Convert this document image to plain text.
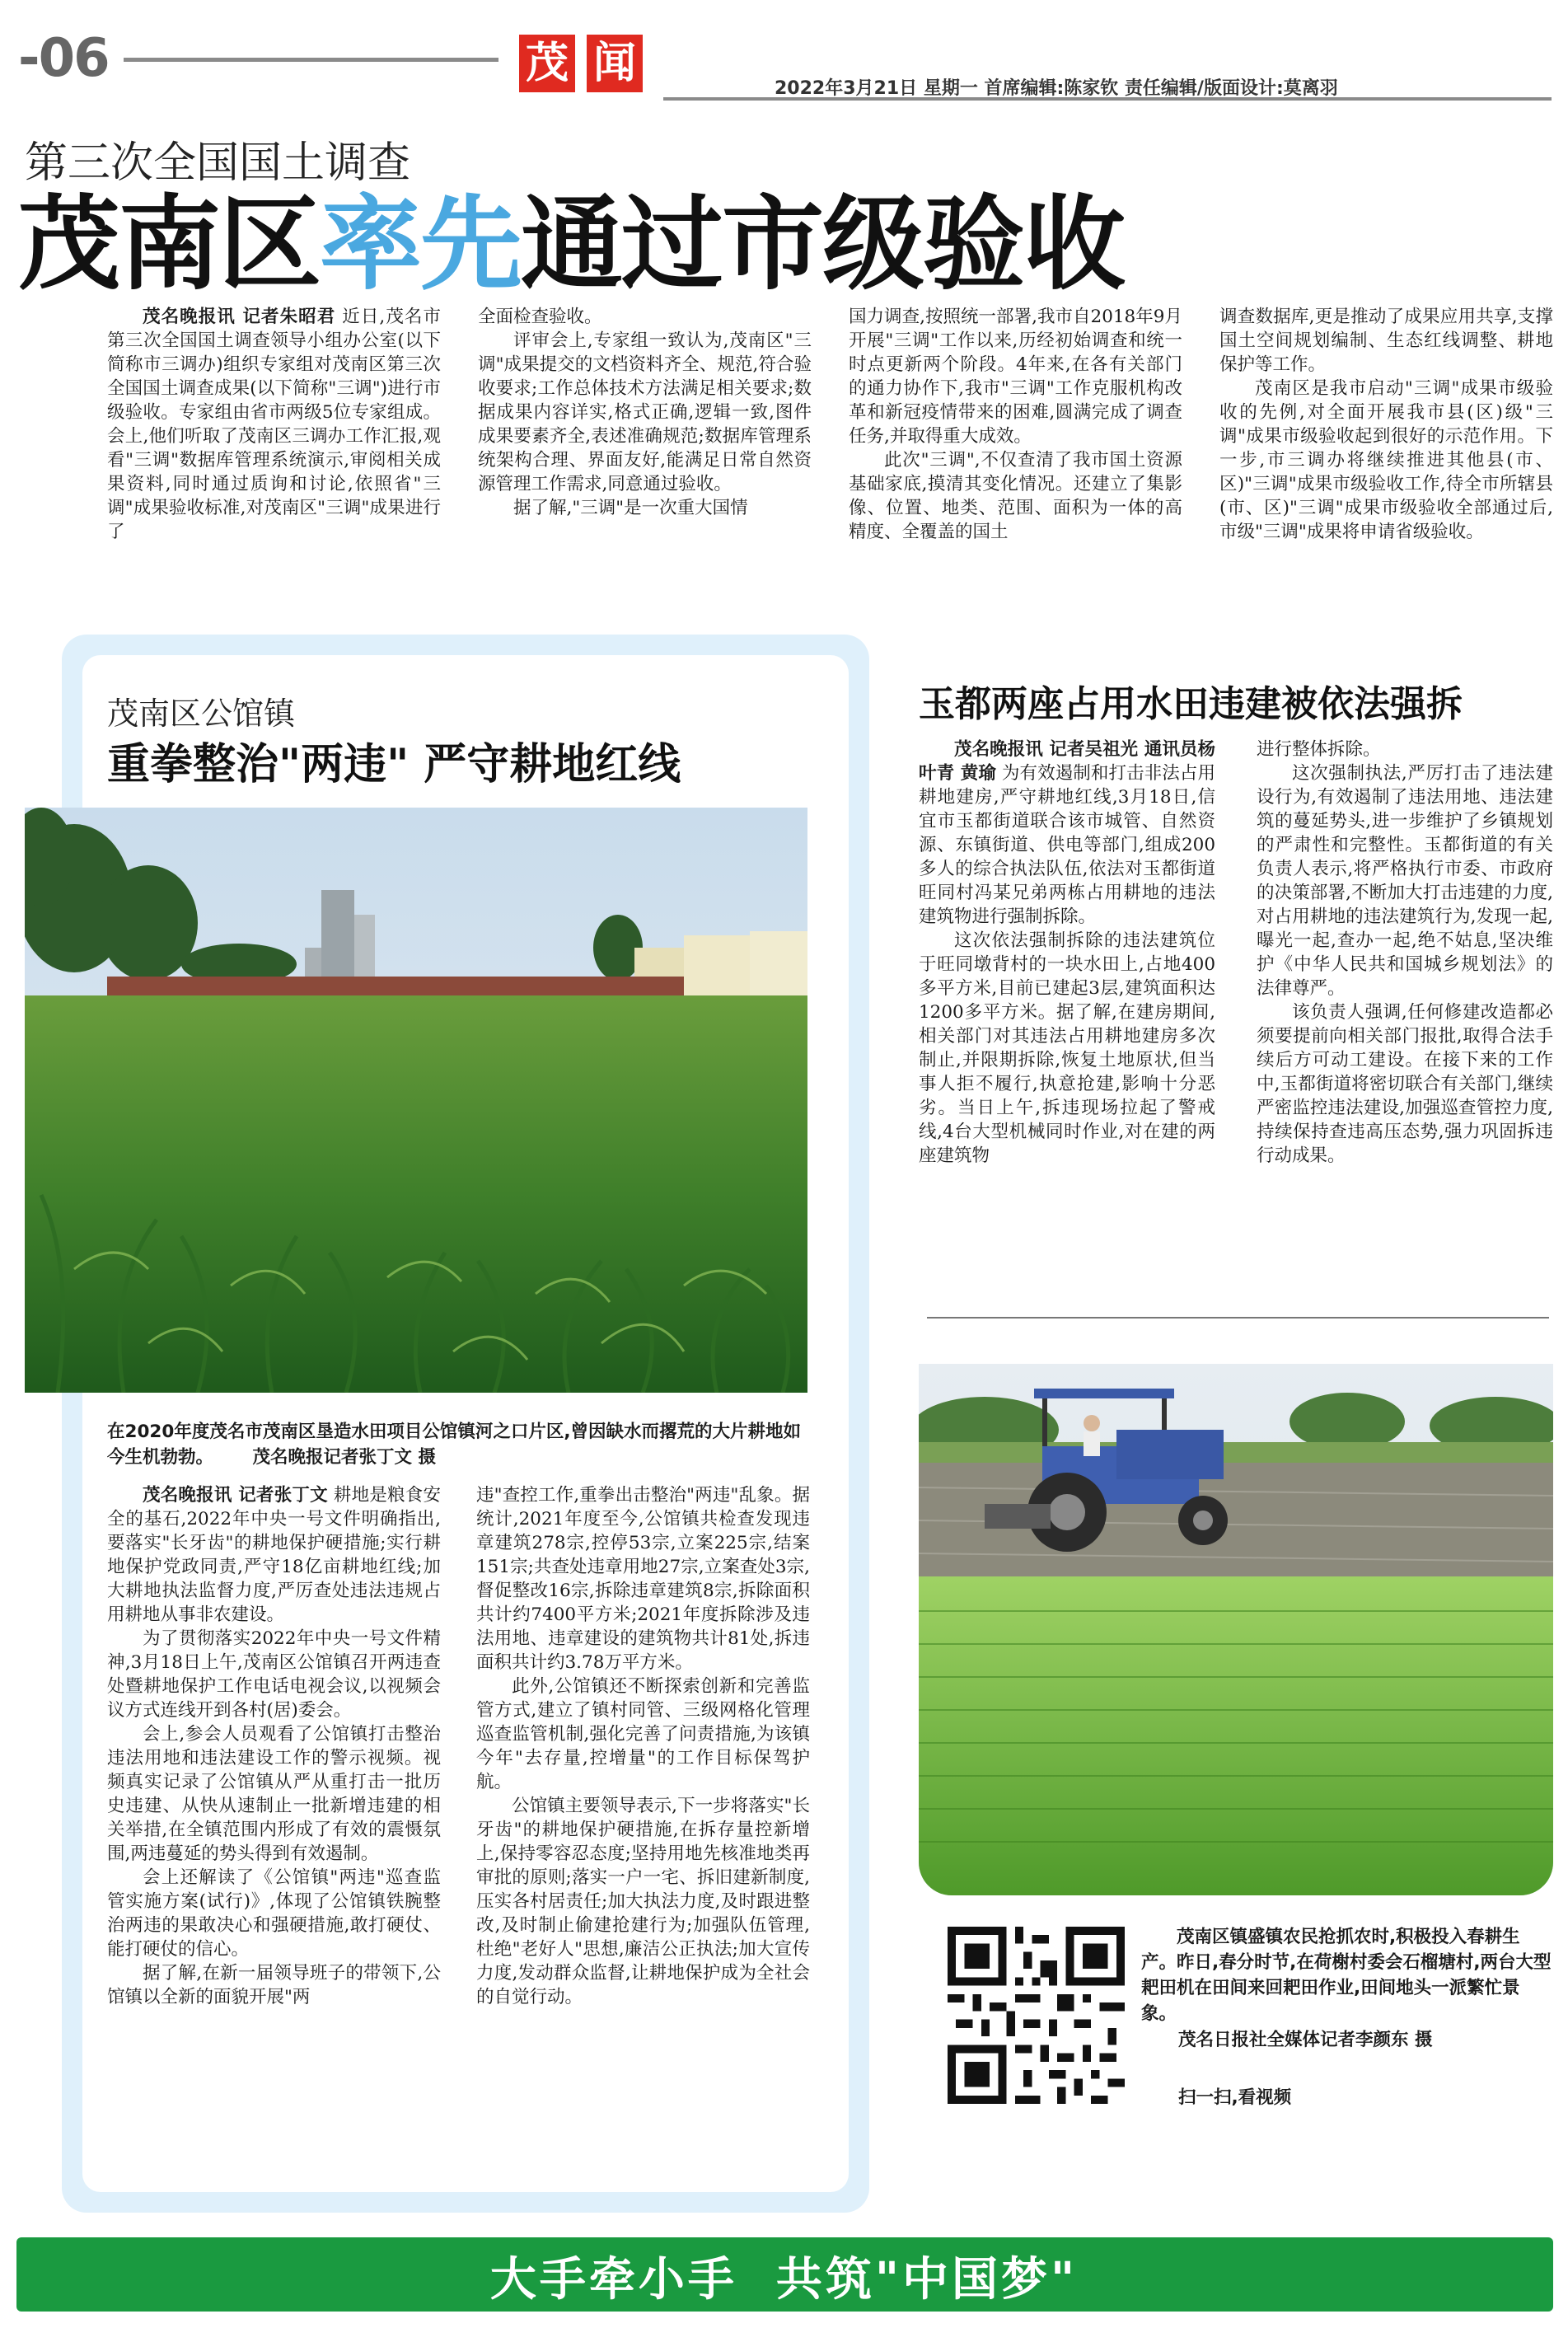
-06	茂 闻
2022年3月21日 星期一 首席编辑:陈家钦 责任编辑/版面设计:莫离羽
第三次全国国土调查
茂南区率先通过市级验收

茂名晚报讯 记者朱昭君 近日,茂名市第三次全国国土调查领导小组办公室(以下简称市三调办)组织专家组对茂南区第三次全国国土调查成果(以下简称"三调")进行市级验收。专家组由省市两级5位专家组成。会上,他们听取了茂南区三调办工作汇报,观看"三调"数据库管理系统演示,审阅相关成果资料,同时通过质询和讨论,依照省"三调"成果验收标准,对茂南区"三调"成果进行了

全面检查验收。

评审会上,专家组一致认为,茂南区"三调"成果提交的文档资料齐全、规范,符合验收要求;工作总体技术方法满足相关要求;数据成果内容详实,格式正确,逻辑一致,图件成果要素齐全,表述准确规范;数据库管理系统架构合理、界面友好,能满足日常自然资源管理工作需求,同意通过验收。

据了解,"三调"是一次重大国情

国力调查,按照统一部署,我市自2018年9月开展"三调"工作以来,历经初始调查和统一时点更新两个阶段。4年来,在各有关部门的通力协作下,我市"三调"工作克服机构改革和新冠疫情带来的困难,圆满完成了调查任务,并取得重大成效。

此次"三调",不仅查清了我市国土资源基础家底,摸清其变化情况。还建立了集影像、位置、地类、范围、面积为一体的高精度、全覆盖的国土

调查数据库,更是推动了成果应用共享,支撑国土空间规划编制、生态红线调整、耕地保护等工作。

茂南区是我市启动"三调"成果市级验收的先例,对全面开展我市县(区)级"三调"成果市级验收起到很好的示范作用。下一步,市三调办将继续推进其他县(市、区)"三调"成果市级验收工作,待全市所辖县(市、区)"三调"成果市级验收全部通过后,市级"三调"成果将申请省级验收。

茂南区公馆镇
重拳整治"两违" 严守耕地红线
在2020年度茂名市茂南区垦造水田项目公馆镇河之口片区,曾因缺水而撂荒的大片耕地如今生机勃勃。 茂名晚报记者张丁文 摄

茂名晚报讯 记者张丁文 耕地是粮食安全的基石,2022年中央一号文件明确指出,要落实"长牙齿"的耕地保护硬措施;实行耕地保护党政同责,严守18亿亩耕地红线;加大耕地执法监督力度,严厉查处违法违规占用耕地从事非农建设。

为了贯彻落实2022年中央一号文件精神,3月18日上午,茂南区公馆镇召开两违查处暨耕地保护工作电话电视会议,以视频会议方式连线开到各村(居)委会。

会上,参会人员观看了公馆镇打击整治违法用地和违法建设工作的警示视频。视频真实记录了公馆镇从严从重打击一批历史违建、从快从速制止一批新增违建的相关举措,在全镇范围内形成了有效的震慑氛围,两违蔓延的势头得到有效遏制。

会上还解读了《公馆镇"两违"巡查监管实施方案(试行)》,体现了公馆镇铁腕整治两违的果敢决心和强硬措施,敢打硬仗、能打硬仗的信心。

据了解,在新一届领导班子的带领下,公馆镇以全新的面貌开展"两

违"查控工作,重拳出击整治"两违"乱象。据统计,2021年度至今,公馆镇共检查发现违章建筑278宗,控停53宗,立案225宗,结案151宗;共查处违章用地27宗,立案查处3宗,督促整改16宗,拆除违章建筑8宗,拆除面积共计约7400平方米;2021年度拆除涉及违法用地、违章建设的建筑物共计81处,拆违面积共计约3.78万平方米。

此外,公馆镇还不断探索创新和完善监管方式,建立了镇村同管、三级网格化管理巡查监管机制,强化完善了问责措施,为该镇今年"去存量,控增量"的工作目标保驾护航。

公馆镇主要领导表示,下一步将落实"长牙齿"的耕地保护硬措施,在拆存量控新增上,保持零容忍态度;坚持用地先核准地类再审批的原则;落实一户一宅、拆旧建新制度,压实各村居责任;加大执法力度,及时跟进整改,及时制止偷建抢建行为;加强队伍管理,杜绝"老好人"思想,廉洁公正执法;加大宣传力度,发动群众监督,让耕地保护成为全社会的自觉行动。

玉都两座占用水田违建被依法强拆

茂名晚报讯 记者吴祖光 通讯员杨叶青 黄瑜 为有效遏制和打击非法占用耕地建房,严守耕地红线,3月18日,信宜市玉都街道联合该市城管、自然资源、东镇街道、供电等部门,组成200多人的综合执法队伍,依法对玉都街道旺同村冯某兄弟两栋占用耕地的违法建筑物进行强制拆除。

这次依法强制拆除的违法建筑位于旺同墩背村的一块水田上,占地400多平方米,目前已建起3层,建筑面积达1200多平方米。据了解,在建房期间,相关部门对其违法占用耕地建房多次制止,并限期拆除,恢复土地原状,但当事人拒不履行,执意抢建,影响十分恶劣。当日上午,拆违现场拉起了警戒线,4台大型机械同时作业,对在建的两座建筑物

进行整体拆除。

这次强制执法,严厉打击了违法建设行为,有效遏制了违法用地、违法建筑的蔓延势头,进一步维护了乡镇规划的严肃性和完整性。玉都街道的有关负责人表示,将严格执行市委、市政府的决策部署,不断加大打击违建的力度,对占用耕地的违法建筑行为,发现一起,曝光一起,查办一起,绝不姑息,坚决维护《中华人民共和国城乡规划法》的法律尊严。

该负责人强调,任何修建改造都必须要提前向相关部门报批,取得合法手续后方可动工建设。在接下来的工作中,玉都街道将密切联合有关部门,继续严密监控违法建设,加强巡查管控力度,持续保持查违高压态势,强力巩固拆违行动成果。

茂南区镇盛镇农民抢抓农时,积极投入春耕生产。昨日,春分时节,在荷榭村委会石榴塘村,两台大型耙田机在田间来回耙田作业,田间地头一派繁忙景象。
茂名日报社全媒体记者李颜东 摄
扫一扫,看视频
大手牵小手  共筑"中国梦"
